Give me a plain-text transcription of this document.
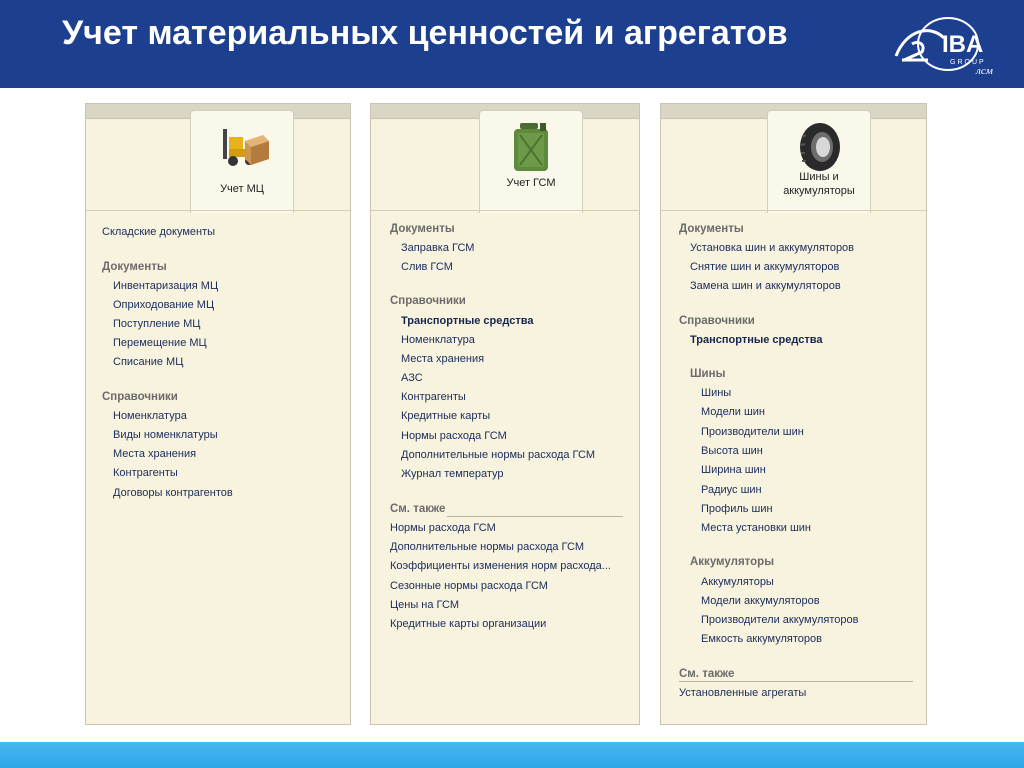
Учет материальных ценностей и агрегатов	IBA
GROUP
лсм
Учет МЦ
Складские документы
Документы
Инвентаризация МЦ
Оприходование МЦ
Поступление МЦ
Перемещение МЦ
Списание МЦ
Справочники
Номенклатура
Виды номенклатуры
Места хранения
Контрагенты
Договоры контрагентов
Учет ГСМ
Документы
Заправка ГСМ
Слив ГСМ
Справочники
Транспортные средства
Номенклатура
Места хранения
АЗС
Контрагенты
Кредитные карты
Нормы расхода ГСМ
Дополнительные нормы расхода ГСМ
Журнал температур
См. также
Нормы расхода ГСМ
Дополнительные нормы расхода ГСМ
Коэффициенты изменения норм расхода...
Сезонные нормы расхода ГСМ
Цены на ГСМ
Кредитные карты организации
Шины и
аккумуляторы
Документы
Установка шин и аккумуляторов
Снятие шин и аккумуляторов
Замена шин и аккумуляторов
Справочники
Транспортные средства
Шины
Шины
Модели шин
Производители шин
Высота шин
Ширина шин
Радиус шин
Профиль шин
Места установки шин
Аккумуляторы
Аккумуляторы
Модели аккумуляторов
Производители аккумуляторов
Емкость аккумуляторов
См. также
Установленные агрегаты
